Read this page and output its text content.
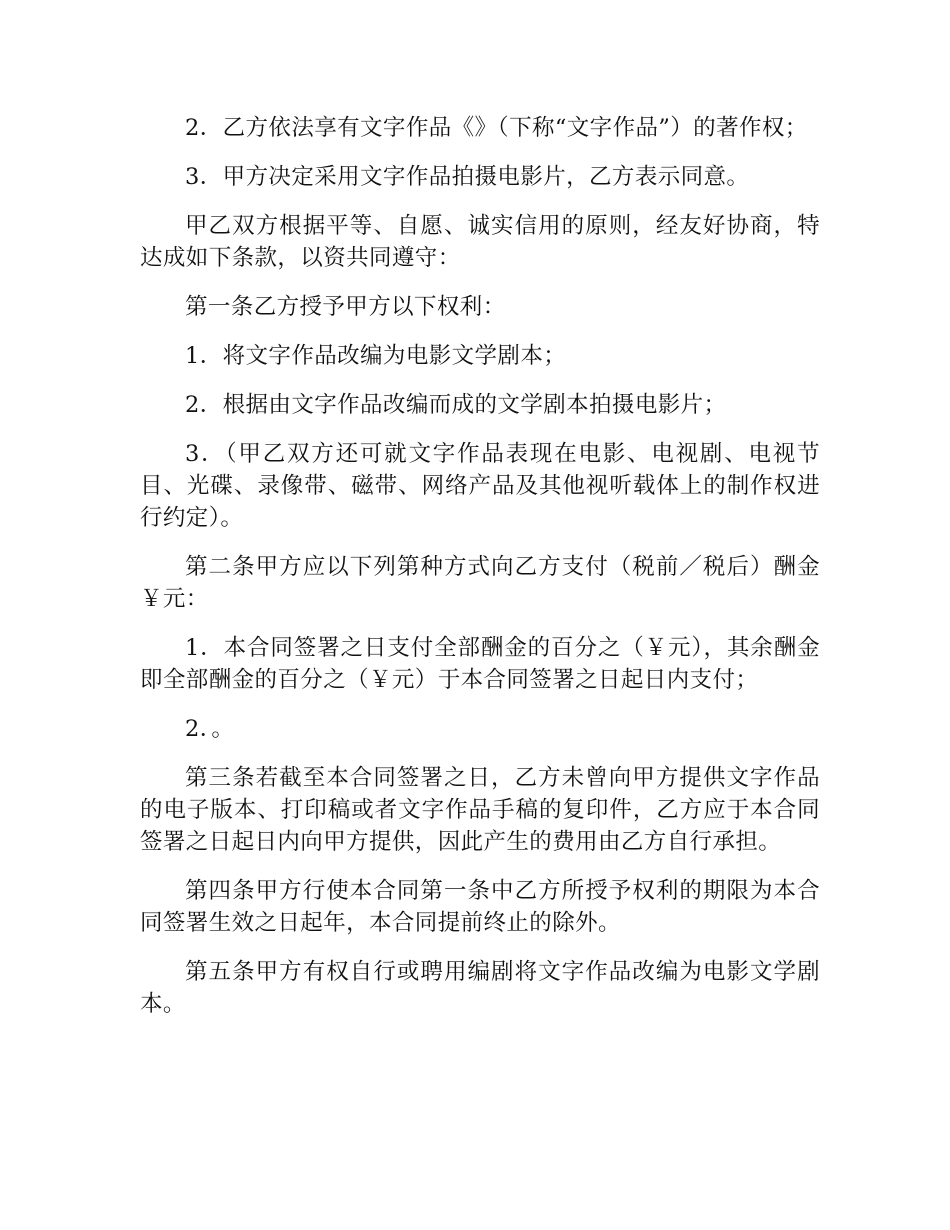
2．乙方依法享有文字作品《》（下称“文字作品”）的著作权；

3．甲方决定采用文字作品拍摄电影片，乙方表示同意。

甲乙双方根据平等、自愿、诚实信用的原则，经友好协商，特达成如下条款，以资共同遵守：

第一条乙方授予甲方以下权利：

1．将文字作品改编为电影文学剧本；

2．根据由文字作品改编而成的文学剧本拍摄电影片；

3．（甲乙双方还可就文字作品表现在电影、电视剧、电视节目、光碟、录像带、磁带、网络产品及其他视听载体上的制作权进行约定）。

第二条甲方应以下列第种方式向乙方支付（税前／税后）酬金￥元：

1．本合同签署之日支付全部酬金的百分之（￥元），其余酬金即全部酬金的百分之（￥元）于本合同签署之日起日内支付；

2．。

第三条若截至本合同签署之日，乙方未曾向甲方提供文字作品的电子版本、打印稿或者文字作品手稿的复印件，乙方应于本合同签署之日起日内向甲方提供，因此产生的费用由乙方自行承担。

第四条甲方行使本合同第一条中乙方所授予权利的期限为本合同签署生效之日起年，本合同提前终止的除外。

第五条甲方有权自行或聘用编剧将文字作品改编为电影文学剧本。
